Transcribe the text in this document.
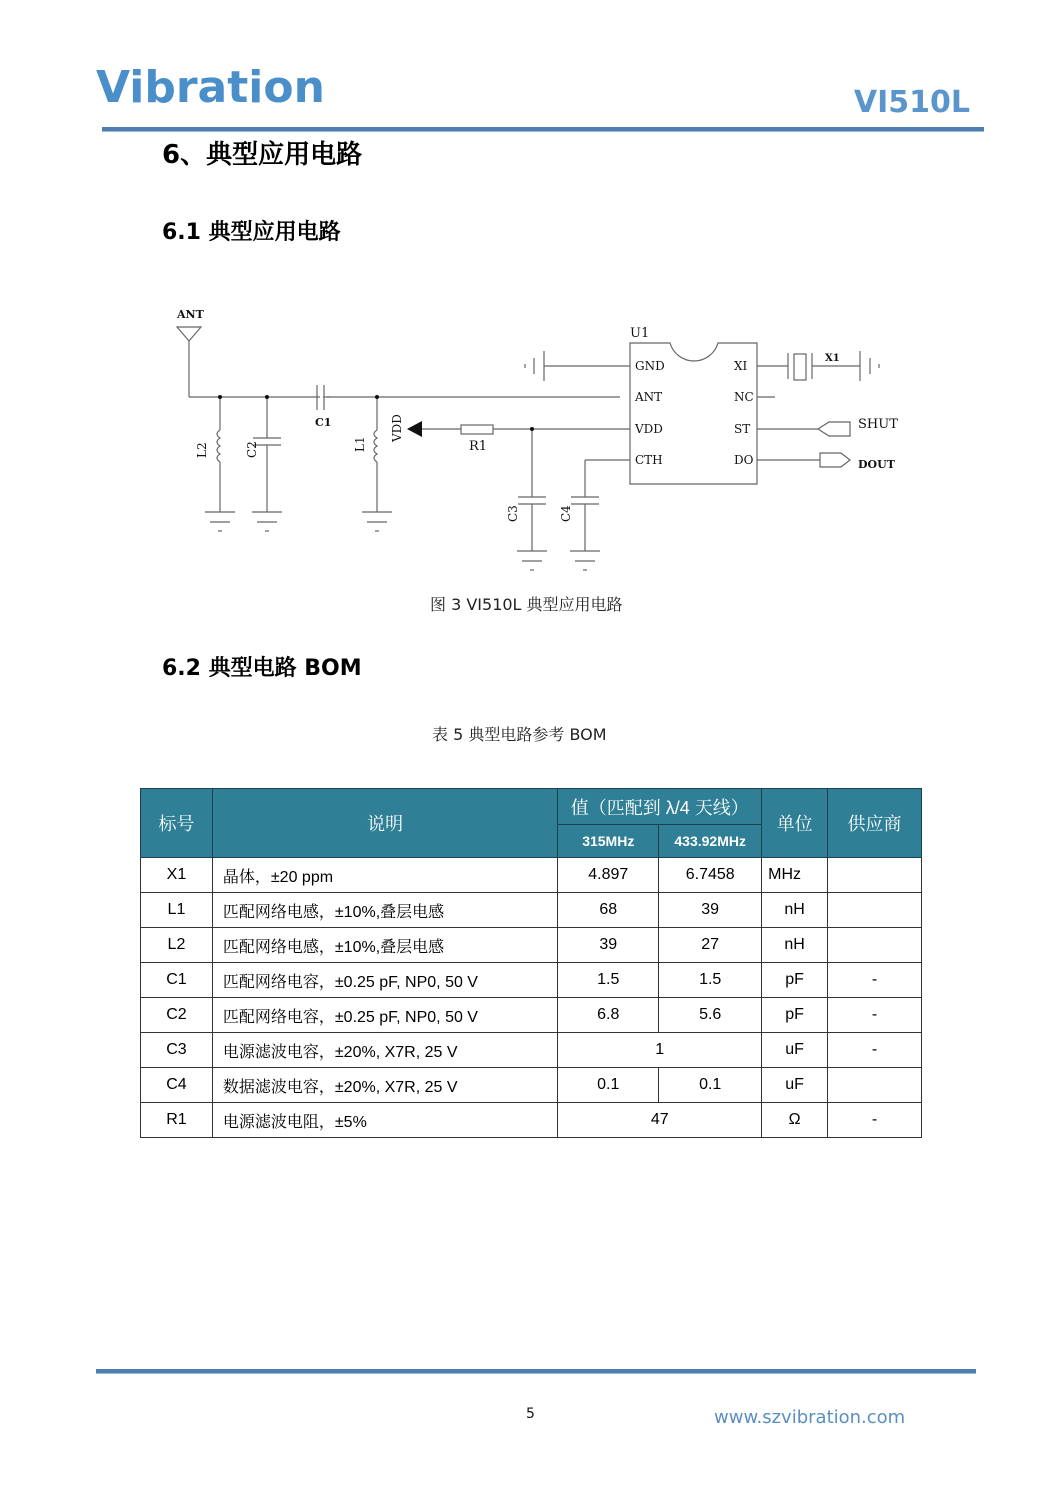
Vibration	VI510L
6、典型应用电路
6.1 典型应用电路
ANT
C1
R1
U1
X1
SHUT
DOUT
GND
ANT
VDD
CTH
XI
NC
ST
DO
L2	C2	L1
VDD
C3	C4
图 3 VI510L 典型应用电路
6.2 典型电路 BOM
表 5 典型电路参考 BOM
标号	说明	值（匹配到 λ/4 天线）		单位	供应商
		315MHz	433.92MHz		
X1	晶体，±20 ppm	4.897	6.7458	MHz	
L1	匹配网络电感，±10%,叠层电感	68	39	nH	
L2	匹配网络电感，±10%,叠层电感	39	27	nH	
C1	匹配网络电容，±0.25 pF, NP0, 50 V	1.5	1.5	pF	-
C2	匹配网络电容，±0.25 pF, NP0, 50 V	6.8	5.6	pF	-
C3	电源滤波电容，±20%, X7R, 25 V	1		uF	-
C4	数据滤波电容，±20%, X7R, 25 V	0.1	0.1	uF	
R1	电源滤波电阻，±5%	47		Ω	-
5	www.szvibration.com
